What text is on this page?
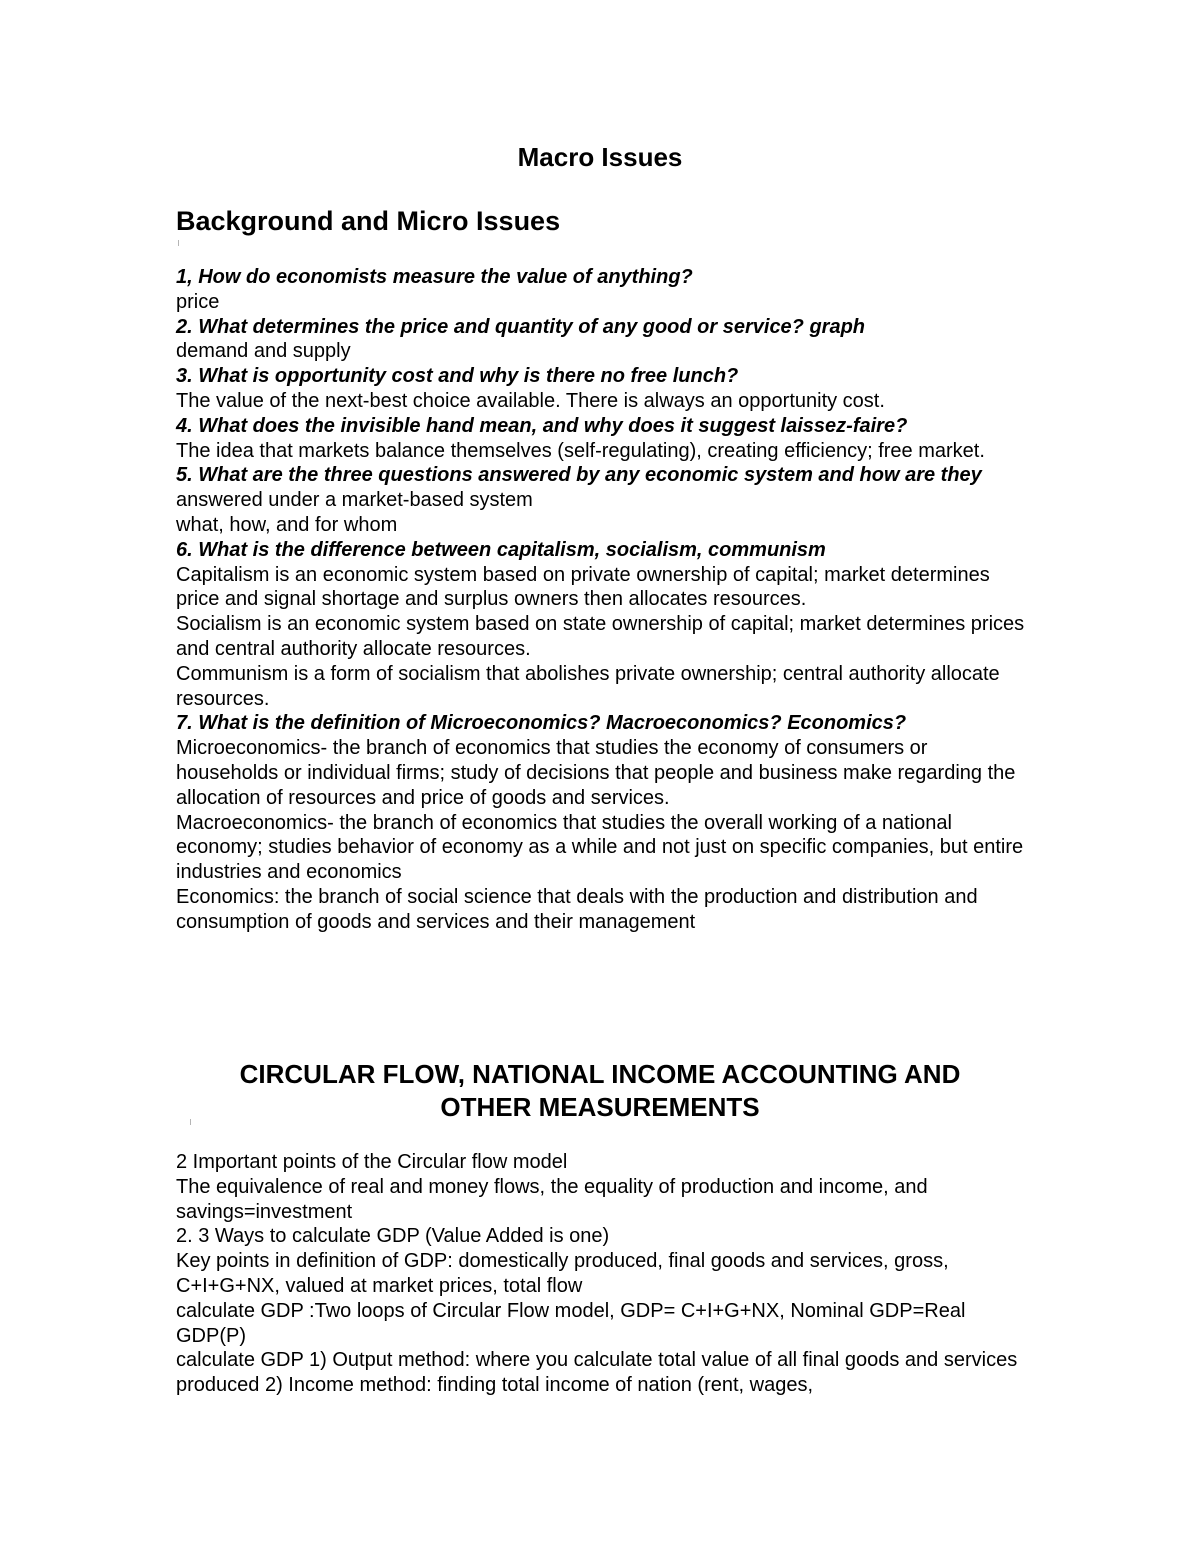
Macro Issues
Background and Micro Issues

1, How do economists measure the value of anything?

price

2. What determines the price and quantity of any good or service? graph

demand and supply

3. What is opportunity cost and why is there no free lunch?

The value of the next-best choice available. There is always an opportunity cost.

4. What does the invisible hand mean, and why does it suggest laissez-faire?

The idea that markets balance themselves (self-regulating), creating efficiency; free market.

5. What are the three questions answered by any economic system and how are they

answered under a market-based system

what, how, and for whom

6. What is the difference between capitalism, socialism, communism

Capitalism is an economic system based on private ownership of capital; market determines price and signal shortage and surplus owners then allocates resources.

Socialism is an economic system based on state ownership of capital; market determines prices and central authority allocate resources.

Communism is a form of socialism that abolishes private ownership; central authority allocate resources.

7. What is the definition of Microeconomics? Macroeconomics? Economics?

Microeconomics- the branch of economics that studies the economy of consumers or households or individual firms; study of decisions that people and business make regarding the allocation of resources and price of goods and services.

Macroeconomics- the branch of economics that studies the overall working of a national economy; studies behavior of economy as a while and not just on specific companies, but entire industries and economics

Economics: the branch of social science that deals with the production and distribution and consumption of goods and services and their management

CIRCULAR FLOW, NATIONAL INCOME ACCOUNTING AND
OTHER MEASUREMENTS

2 Important points of the Circular flow model

The equivalence of real and money flows, the equality of production and income, and savings=investment

2. 3 Ways to calculate GDP (Value Added is one)

Key points in definition of GDP: domestically produced, final goods and services, gross, C+I+G+NX, valued at market prices, total flow

calculate GDP :Two loops of Circular Flow model, GDP= C+I+G+NX, Nominal GDP=Real GDP(P)

calculate GDP 1) Output method: where you calculate total value of all final goods and services produced 2) Income method: finding total income of nation (rent, wages,
